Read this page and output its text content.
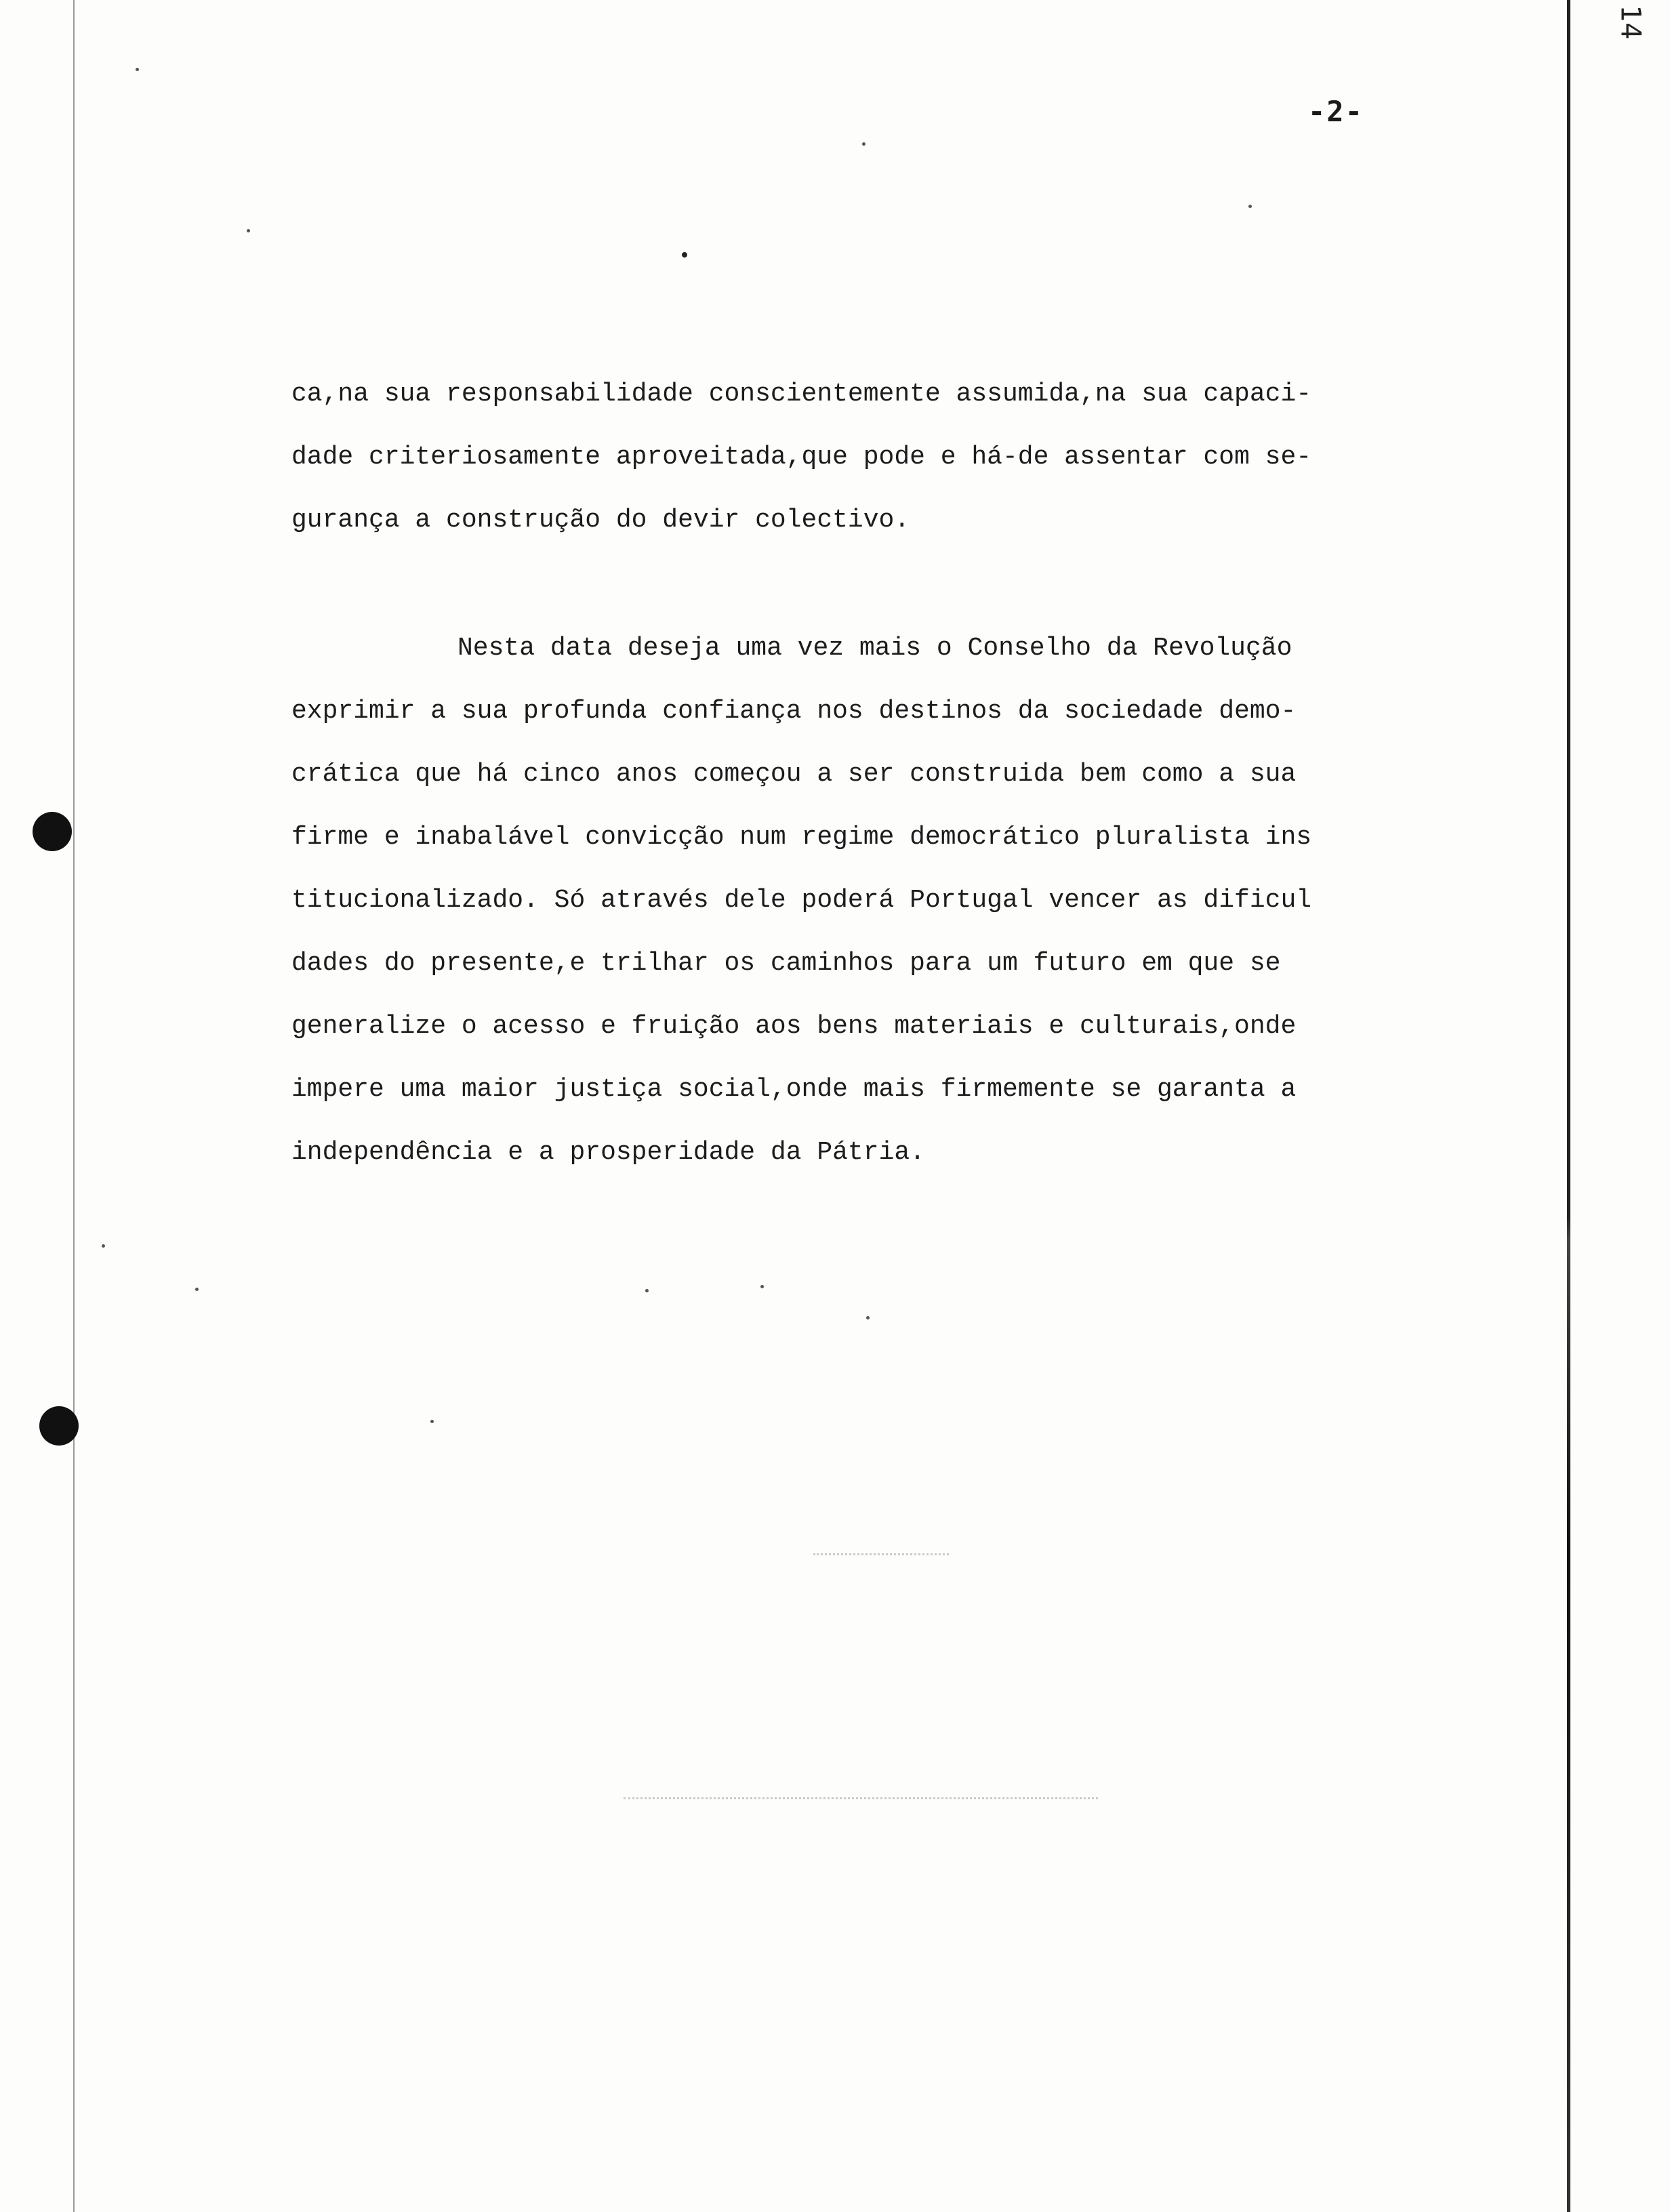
14
-2-
ca,na sua responsabilidade conscientemente assumida,na sua capaci-
dade criteriosamente aproveitada,que pode e há-de assentar com se-
gurança a construção do devir colectivo.
Nesta data deseja uma vez mais o Conselho da Revolução
exprimir a sua profunda confiança nos destinos da sociedade demo-
crática que há cinco anos começou a ser construida bem como a sua
firme e inabalável convicção num regime democrático pluralista ins
titucionalizado. Só através dele poderá Portugal vencer as dificul
dades do presente,e trilhar os caminhos para um futuro em que se
generalize o acesso e fruição aos bens materiais e culturais,onde
impere uma maior justiça social,onde mais firmemente se garanta a
independência e a prosperidade da Pátria.
